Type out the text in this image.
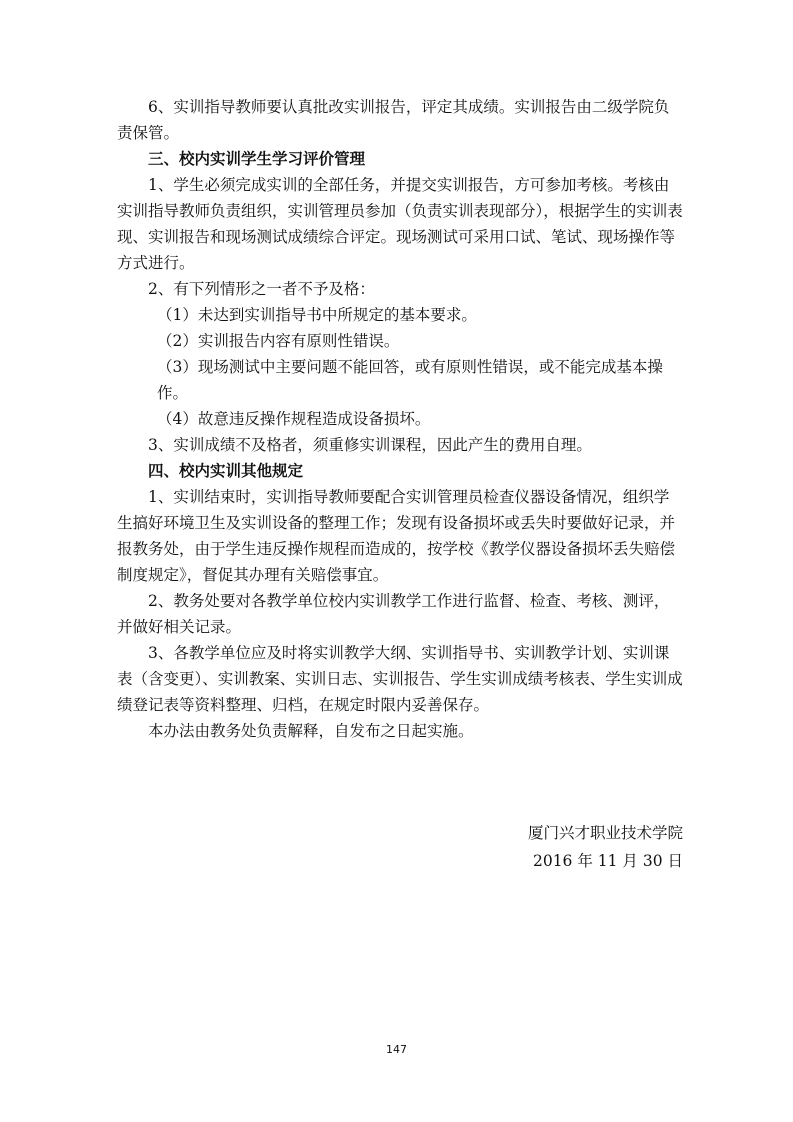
6、实训指导教师要认真批改实训报告，评定其成绩。实训报告由二级学院负责保管。

三、校内实训学生学习评价管理

1、学生必须完成实训的全部任务，并提交实训报告，方可参加考核。考核由实训指导教师负责组织，实训管理员参加（负责实训表现部分），根据学生的实训表现、实训报告和现场测试成绩综合评定。现场测试可采用口试、笔试、现场操作等方式进行。

2、有下列情形之一者不予及格：

（1）未达到实训指导书中所规定的基本要求。

（2）实训报告内容有原则性错误。

（3）现场测试中主要问题不能回答，或有原则性错误，或不能完成基本操作。

（4）故意违反操作规程造成设备损坏。

3、实训成绩不及格者，须重修实训课程，因此产生的费用自理。

四、校内实训其他规定

1、实训结束时，实训指导教师要配合实训管理员检查仪器设备情况，组织学生搞好环境卫生及实训设备的整理工作；发现有设备损坏或丢失时要做好记录，并报教务处，由于学生违反操作规程而造成的，按学校《教学仪器设备损坏丢失赔偿制度规定》，督促其办理有关赔偿事宜。

2、教务处要对各教学单位校内实训教学工作进行监督、检查、考核、测评，并做好相关记录。

3、各教学单位应及时将实训教学大纲、实训指导书、实训教学计划、实训课表（含变更）、实训教案、实训日志、实训报告、学生实训成绩考核表、学生实训成绩登记表等资料整理、归档，在规定时限内妥善保存。

本办法由教务处负责解释，自发布之日起实施。

厦门兴才职业技术学院
2016 年 11 月 30 日
147
